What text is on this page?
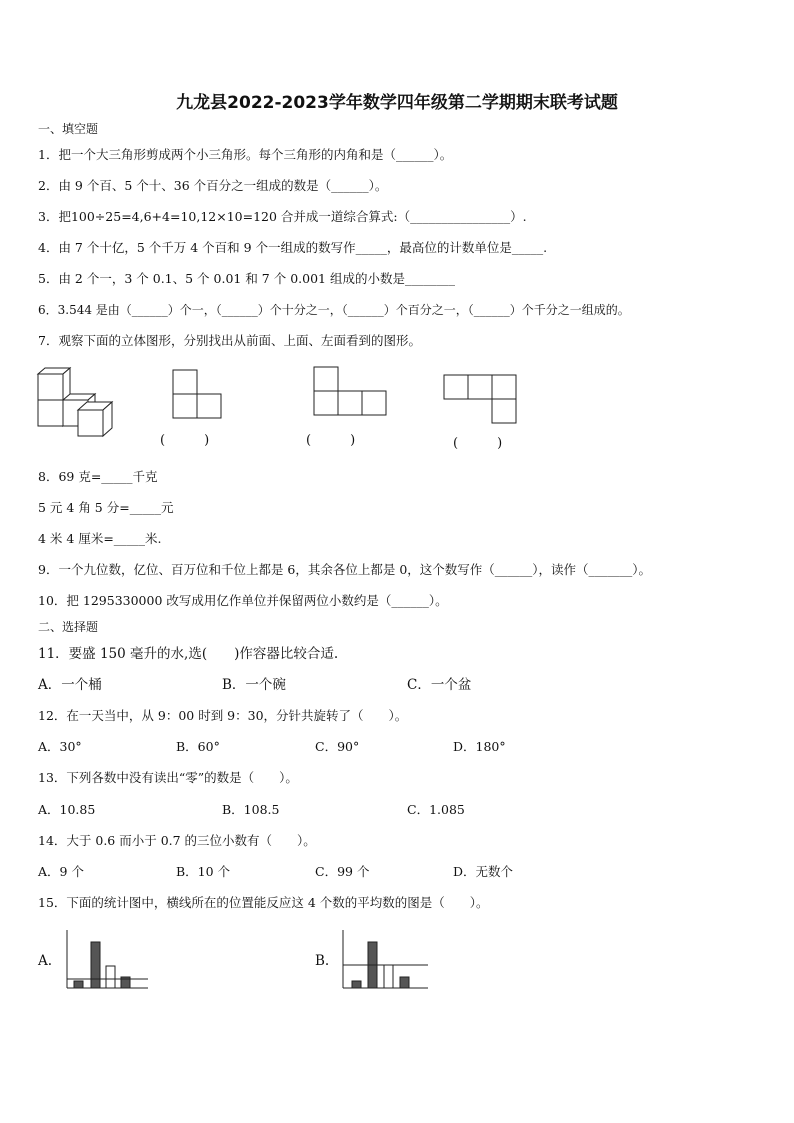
九龙县2022-2023学年数学四年级第二学期期末联考试题
一、填空题
1．把一个大三角形剪成两个小三角形。每个三角形的内角和是（______）。
2．由 9 个百、5 个十、36 个百分之一组成的数是（______）。
3．把100÷25=4,6+4=10,12×10=120 合并成一道综合算式:（________________）.
4．由 7 个十亿，5 个千万 4 个百和 9 个一组成的数写作_____，最高位的计数单位是_____.
5．由 2 个一，3 个 0.1、5 个 0.01 和 7 个 0.001 组成的小数是________
6．3.544 是由（______）个一，（______）个十分之一，（______）个百分之一，（______）个千分之一组成的。
7．观察下面的立体图形，分别找出从前面、上面、左面看到的图形。
(　　　)	(　　　)	(　　　)
8．69 克=_____千克
5 元 4 角 5 分=_____元
4 米 4 厘米=_____米.
9．一个九位数，亿位、百万位和千位上都是 6，其余各位上都是 0，这个数写作（______），读作（_______）。
10．把 1295330000 改写成用亿作单位并保留两位小数约是（______）。
二、选择题
11．要盛 150 毫升的水,选(　　)作容器比较合适.
A．一个桶	B．一个碗	C．一个盆
12．在一天当中，从 9：00 时到 9：30，分针共旋转了（　　）。
A．30°	B．60°	C．90°	D．180°
13．下列各数中没有读出“零”的数是（　　）。
A．10.85	B．108.5	C．1.085
14．大于 0.6 而小于 0.7 的三位小数有（　　）。
A．9 个	B．10 个	C．99 个	D．无数个
15．下面的统计图中，横线所在的位置能反应这 4 个数的平均数的图是（　　）。
A.	B.
